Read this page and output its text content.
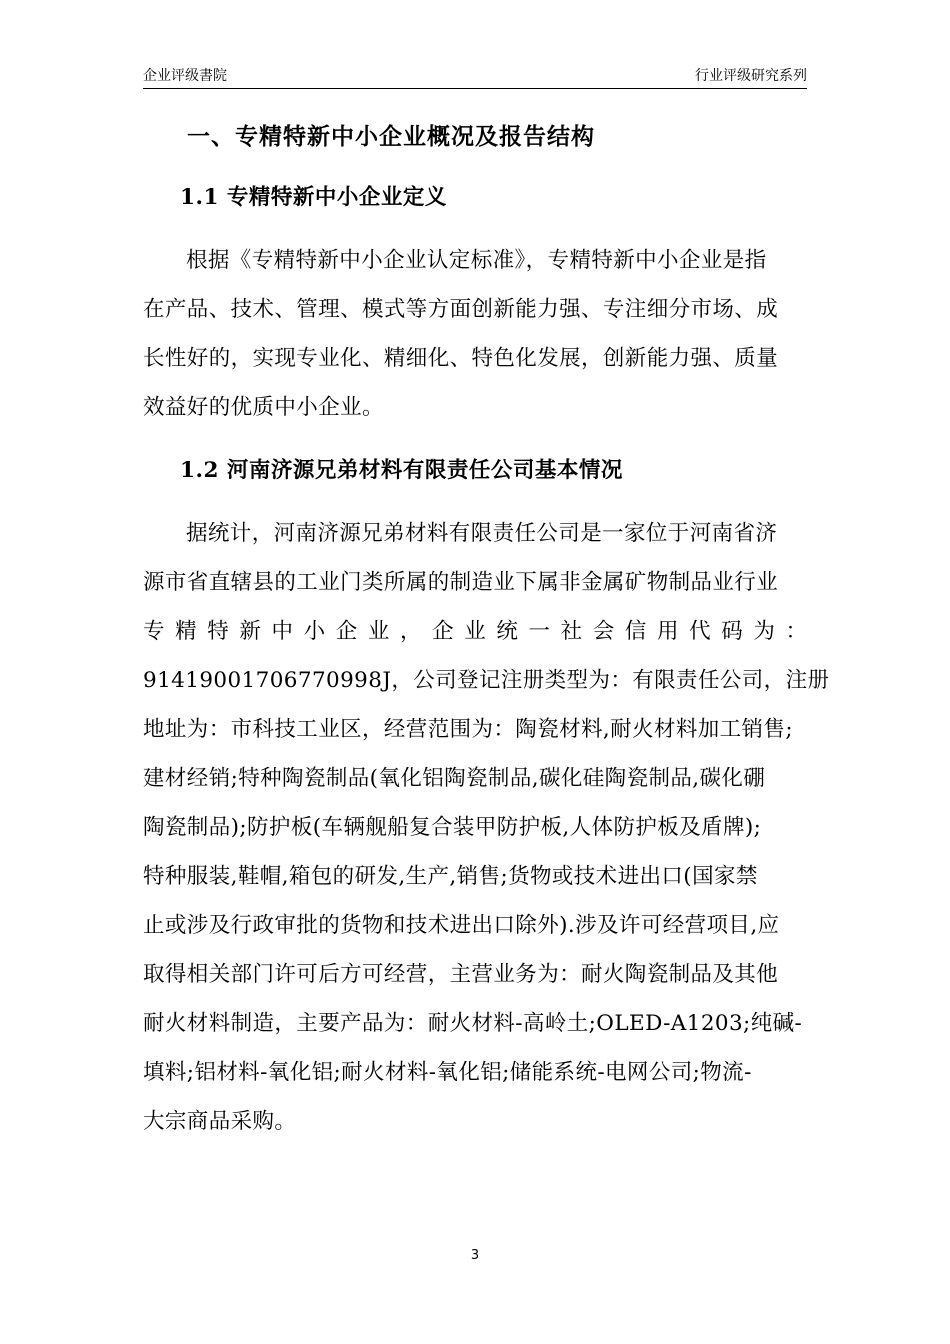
企业评级書院	行业评级研究系列
一、专精特新中小企业概况及报告结构
1.1 专精特新中小企业定义
根据《专精特新中小企业认定标准》，专精特新中小企业是指
在产品、技术、管理、模式等方面创新能力强、专注细分市场、成
长性好的，实现专业化、精细化、特色化发展，创新能力强、质量
效益好的优质中小企业。
1.2 河南济源兄弟材料有限责任公司基本情况
据统计，河南济源兄弟材料有限责任公司是一家位于河南省济
源市省直辖县的工业门类所属的制造业下属非金属矿物制品业行业
专精特新中小企业，企业统一社会信用代码为：
91419001706770998J，公司登记注册类型为：有限责任公司，注册
地址为：市科技工业区，经营范围为：陶瓷材料,耐火材料加工销售;
建材经销;特种陶瓷制品(氧化铝陶瓷制品,碳化硅陶瓷制品,碳化硼
陶瓷制品);防护板(车辆舰船复合装甲防护板,人体防护板及盾牌);
特种服装,鞋帽,箱包的研发,生产,销售;货物或技术进出口(国家禁
止或涉及行政审批的货物和技术进出口除外).涉及许可经营项目,应
取得相关部门许可后方可经营，主营业务为：耐火陶瓷制品及其他
耐火材料制造，主要产品为：耐火材料-高岭土;OLED-A1203;纯碱-
填料;铝材料-氧化铝;耐火材料-氧化铝;储能系统-电网公司;物流-
大宗商品采购。
3
